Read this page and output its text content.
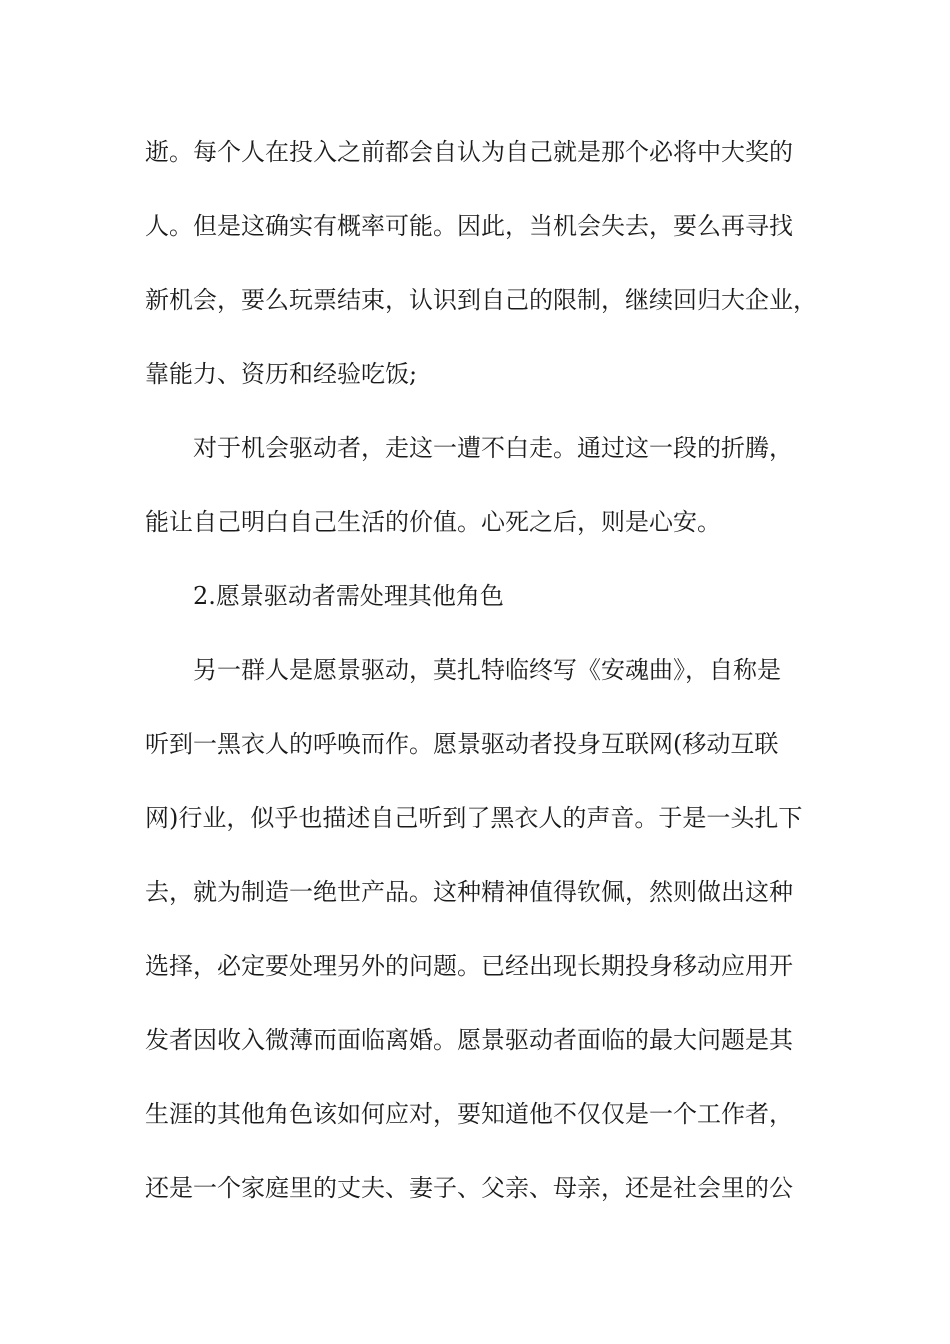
逝。每个人在投入之前都会自认为自己就是那个必将中大奖的
人。但是这确实有概率可能。因此，当机会失去，要么再寻找
新机会，要么玩票结束，认识到自己的限制，继续回归大企业，
靠能力、资历和经验吃饭;
对于机会驱动者，走这一遭不白走。通过这一段的折腾，
能让自己明白自己生活的价值。心死之后，则是心安。
2.愿景驱动者需处理其他角色
另一群人是愿景驱动，莫扎特临终写《安魂曲》，自称是
听到一黑衣人的呼唤而作。愿景驱动者投身互联网(移动互联
网)行业，似乎也描述自己听到了黑衣人的声音。于是一头扎下
去，就为制造一绝世产品。这种精神值得钦佩，然则做出这种
选择，必定要处理另外的问题。已经出现长期投身移动应用开
发者因收入微薄而面临离婚。愿景驱动者面临的最大问题是其
生涯的其他角色该如何应对，要知道他不仅仅是一个工作者，
还是一个家庭里的丈夫、妻子、父亲、母亲，还是社会里的公
